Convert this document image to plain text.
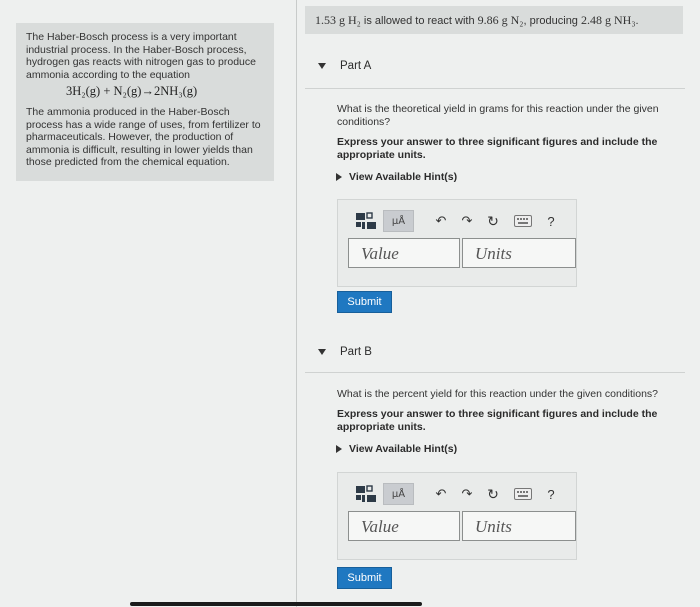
The Haber-Bosch process is a very important industrial process. In the Haber-Bosch process, hydrogen gas reacts with nitrogen gas to produce ammonia according to the equation

3H₂(g) + N₂(g)→2NH₃(g)

The ammonia produced in the Haber-Bosch process has a wide range of uses, from fertilizer to pharmaceuticals. However, the production of ammonia is difficult, resulting in lower yields than those predicted from the chemical equation.

1.53 g H₂ is allowed to react with 9.86 g N₂, producing 2.48 g NH₃.
Part A
What is the theoretical yield in grams for this reaction under the given conditions?
Express your answer to three significant figures and include the appropriate units.
View Available Hint(s)
μÅ	↶ ↷ ↻	?
Value	Units
Submit
Part B
What is the percent yield for this reaction under the given conditions?
Express your answer to three significant figures and include the appropriate units.
View Available Hint(s)
μÅ	↶ ↷ ↻	?
Value	Units
Submit
